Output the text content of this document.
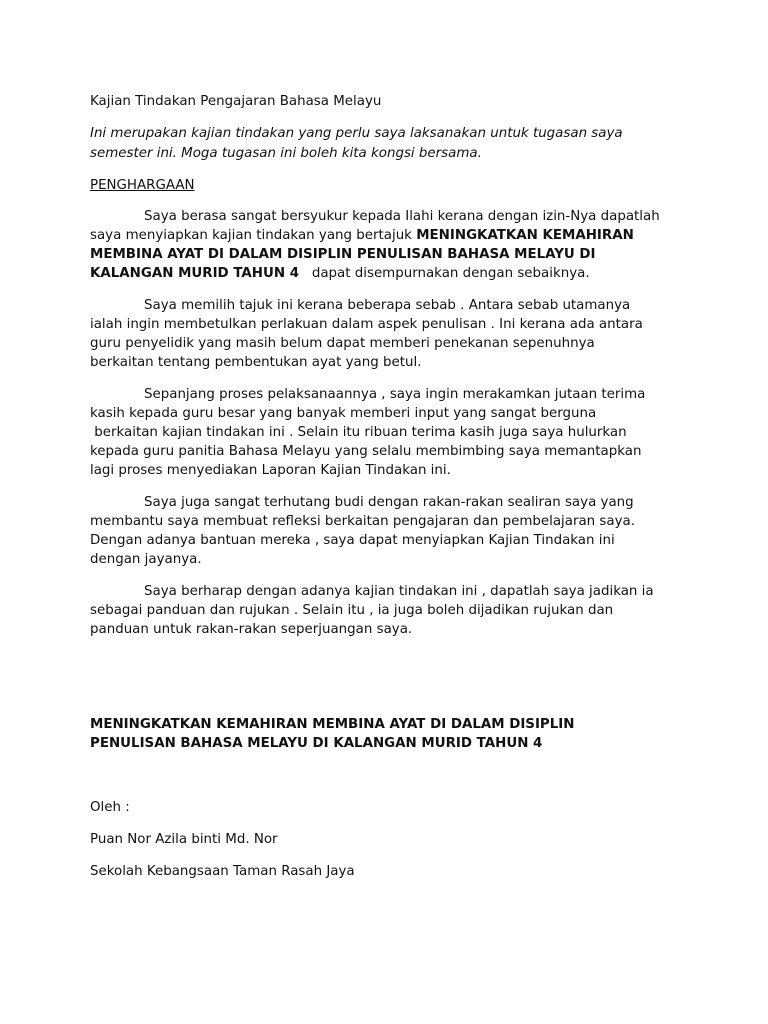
Kajian Tindakan Pengajaran Bahasa Melayu
Ini merupakan kajian tindakan yang perlu saya laksanakan untuk tugasan saya
semester ini. Moga tugasan ini boleh kita kongsi bersama.
PENGHARGAAN
Saya berasa sangat bersyukur kepada Ilahi kerana dengan izin-Nya dapatlah
saya menyiapkan kajian tindakan yang bertajuk MENINGKATKAN KEMAHIRAN
MEMBINA AYAT DI DALAM DISIPLIN PENULISAN BAHASA MELAYU DI
KALANGAN MURID TAHUN 4   dapat disempurnakan dengan sebaiknya.
Saya memilih tajuk ini kerana beberapa sebab . Antara sebab utamanya
ialah ingin membetulkan perlakuan dalam aspek penulisan . Ini kerana ada antara
guru penyelidik yang masih belum dapat memberi penekanan sepenuhnya
berkaitan tentang pembentukan ayat yang betul.
Sepanjang proses pelaksanaannya , saya ingin merakamkan jutaan terima
kasih kepada guru besar yang banyak memberi input yang sangat berguna
berkaitan kajian tindakan ini . Selain itu ribuan terima kasih juga saya hulurkan
kepada guru panitia Bahasa Melayu yang selalu membimbing saya memantapkan
lagi proses menyediakan Laporan Kajian Tindakan ini.
Saya juga sangat terhutang budi dengan rakan-rakan sealiran saya yang
membantu saya membuat refleksi berkaitan pengajaran dan pembelajaran saya.
Dengan adanya bantuan mereka , saya dapat menyiapkan Kajian Tindakan ini
dengan jayanya.
Saya berharap dengan adanya kajian tindakan ini , dapatlah saya jadikan ia
sebagai panduan dan rujukan . Selain itu , ia juga boleh dijadikan rujukan dan
panduan untuk rakan-rakan seperjuangan saya.
MENINGKATKAN KEMAHIRAN MEMBINA AYAT DI DALAM DISIPLIN
PENULISAN BAHASA MELAYU DI KALANGAN MURID TAHUN 4
Oleh :
Puan Nor Azila binti Md. Nor
Sekolah Kebangsaan Taman Rasah Jaya
